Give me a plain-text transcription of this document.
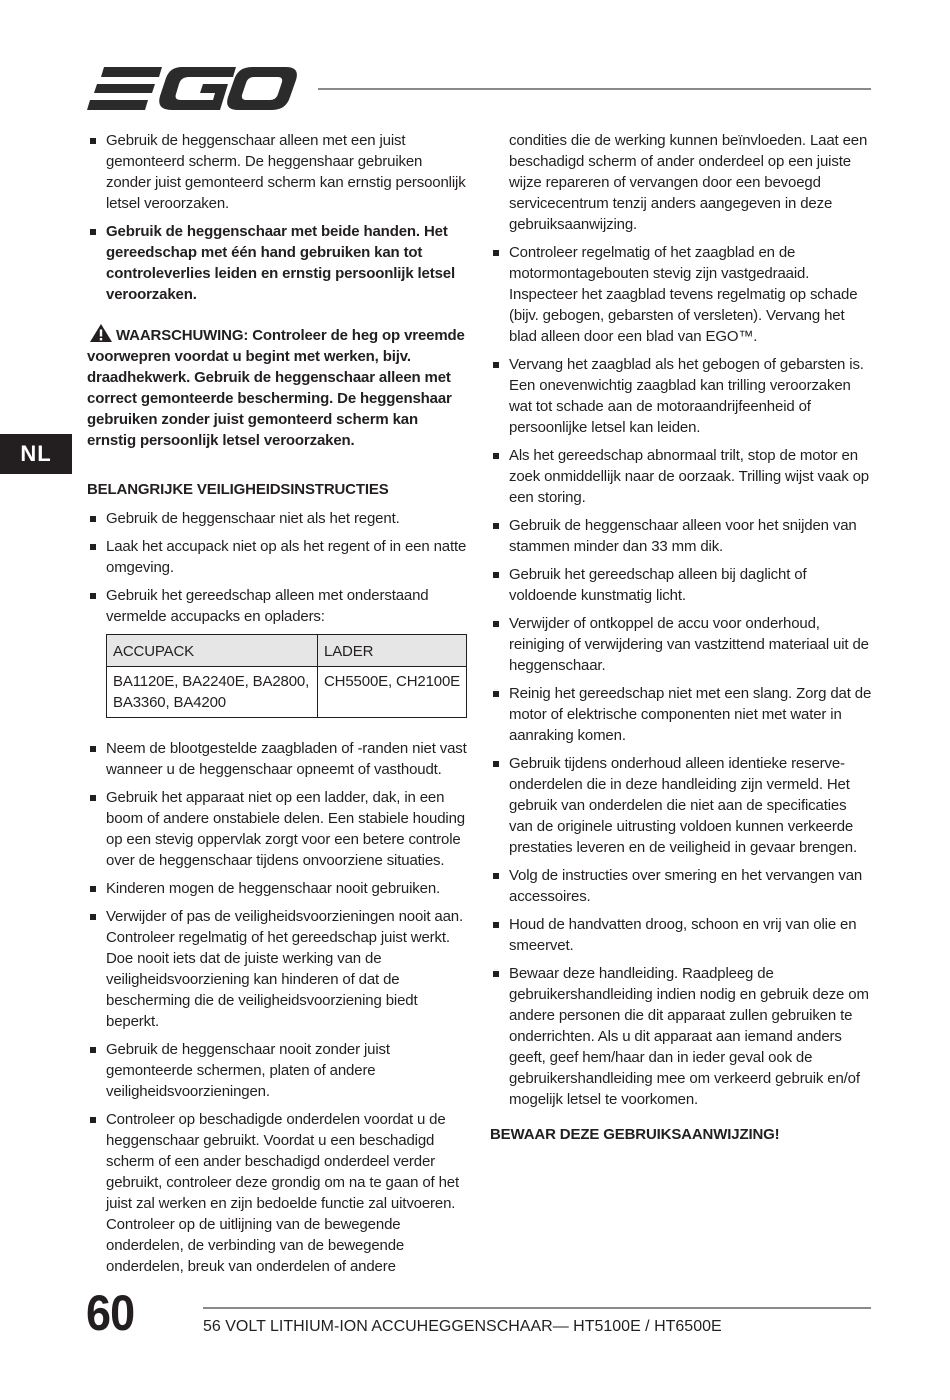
EGO
NL
Gebruik de heggenschaar alleen met een juist gemonteerd scherm. De heggenshaar gebruiken zonder juist gemonteerd scherm kan ernstig persoonlijk letsel veroorzaken.
Gebruik de heggenschaar met beide handen. Het gereedschap met één hand gebruiken kan tot controleverlies leiden en ernstig persoonlijk letsel veroorzaken.
WAARSCHUWING: Controleer de heg op vreemde voorwepren voordat u begint met werken, bijv. draadhekwerk. Gebruik de heggenschaar alleen met correct gemonteerde bescherming. De heggenshaar gebruiken zonder juist gemonteerd scherm kan ernstig persoonlijk letsel veroorzaken.
BELANGRIJKE VEILIGHEIDSINSTRUCTIES
Gebruik de heggenschaar niet als het regent.
Laak het accupack niet op als het regent of in een natte omgeving.
Gebruik het gereedschap alleen met onderstaand vermelde accupacks en opladers:
ACCUPACK	LADER
BA1120E, BA2240E, BA2800, BA3360, BA4200	CH5500E, CH2100E
Neem de blootgestelde zaagbladen of -randen niet vast wanneer u de heggenschaar opneemt of vasthoudt.
Gebruik het apparaat niet op een ladder, dak, in een boom of andere onstabiele delen. Een stabiele houding op een stevig oppervlak zorgt voor een betere controle over de heggenschaar tijdens onvoorziene situaties.
Kinderen mogen de heggenschaar nooit gebruiken.
Verwijder of pas de veiligheidsvoorzieningen nooit aan. Controleer regelmatig of het gereedschap juist werkt. Doe nooit iets dat de juiste werking van de veiligheidsvoorziening kan hinderen of dat de bescherming die de veiligheidsvoorziening biedt beperkt.
Gebruik de heggenschaar nooit zonder juist gemonteerde schermen, platen of andere veiligheidsvoorzieningen.
Controleer op beschadigde onderdelen voordat u de heggenschaar gebruikt. Voordat u een beschadigd scherm of een ander beschadigd onderdeel verder gebruikt, controleer deze grondig om na te gaan of het juist zal werken en zijn bedoelde functie zal uitvoeren. Controleer op de uitlijning van de bewegende onderdelen, de verbinding van de bewegende onderdelen, breuk van onderdelen of andere
condities die de werking kunnen beïnvloeden. Laat een beschadigd scherm of ander onderdeel op een juiste wijze repareren of vervangen door een bevoegd servicecentrum tenzij anders aangegeven in deze gebruiksaanwijzing.
Controleer regelmatig of het zaagblad en de motormontagebouten stevig zijn vastgedraaid. Inspecteer het zaagblad tevens regelmatig op schade (bijv. gebogen, gebarsten of versleten). Vervang het blad alleen door een blad van EGO™.
Vervang het zaagblad als het gebogen of gebarsten is. Een onevenwichtig zaagblad kan trilling veroorzaken wat tot schade aan de motoraandrijfeenheid of persoonlijke letsel kan leiden.
Als het gereedschap abnormaal trilt, stop de motor en zoek onmiddellijk naar de oorzaak. Trilling wijst vaak op een storing.
Gebruik de heggenschaar alleen voor het snijden van stammen minder dan 33 mm dik.
Gebruik het gereedschap alleen bij daglicht of voldoende kunstmatig licht.
Verwijder of ontkoppel de accu voor onderhoud, reiniging of verwijdering van vastzittend materiaal uit de heggenschaar.
Reinig het gereedschap niet met een slang. Zorg dat de motor of elektrische componenten niet met water in aanraking komen.
Gebruik tijdens onderhoud alleen identieke reserve-onderdelen die in deze handleiding zijn vermeld. Het gebruik van onderdelen die niet aan de specificaties van de originele uitrusting voldoen kunnen verkeerde prestaties leveren en de veiligheid in gevaar brengen.
Volg de instructies over smering en het vervangen van accessoires.
Houd de handvatten droog, schoon en vrij van olie en smeervet.
Bewaar deze handleiding. Raadpleeg de gebruikershandleiding indien nodig en gebruik deze om andere personen die dit apparaat zullen gebruiken te onderrichten. Als u dit apparaat aan iemand anders geeft, geef hem/haar dan in ieder geval ook de gebruikershandleiding mee om verkeerd gebruik en/of mogelijk letsel te voorkomen.
BEWAAR DEZE GEBRUIKSAANWIJZING!
60	56 VOLT LITHIUM-ION ACCUHEGGENSCHAAR— HT5100E / HT6500E
